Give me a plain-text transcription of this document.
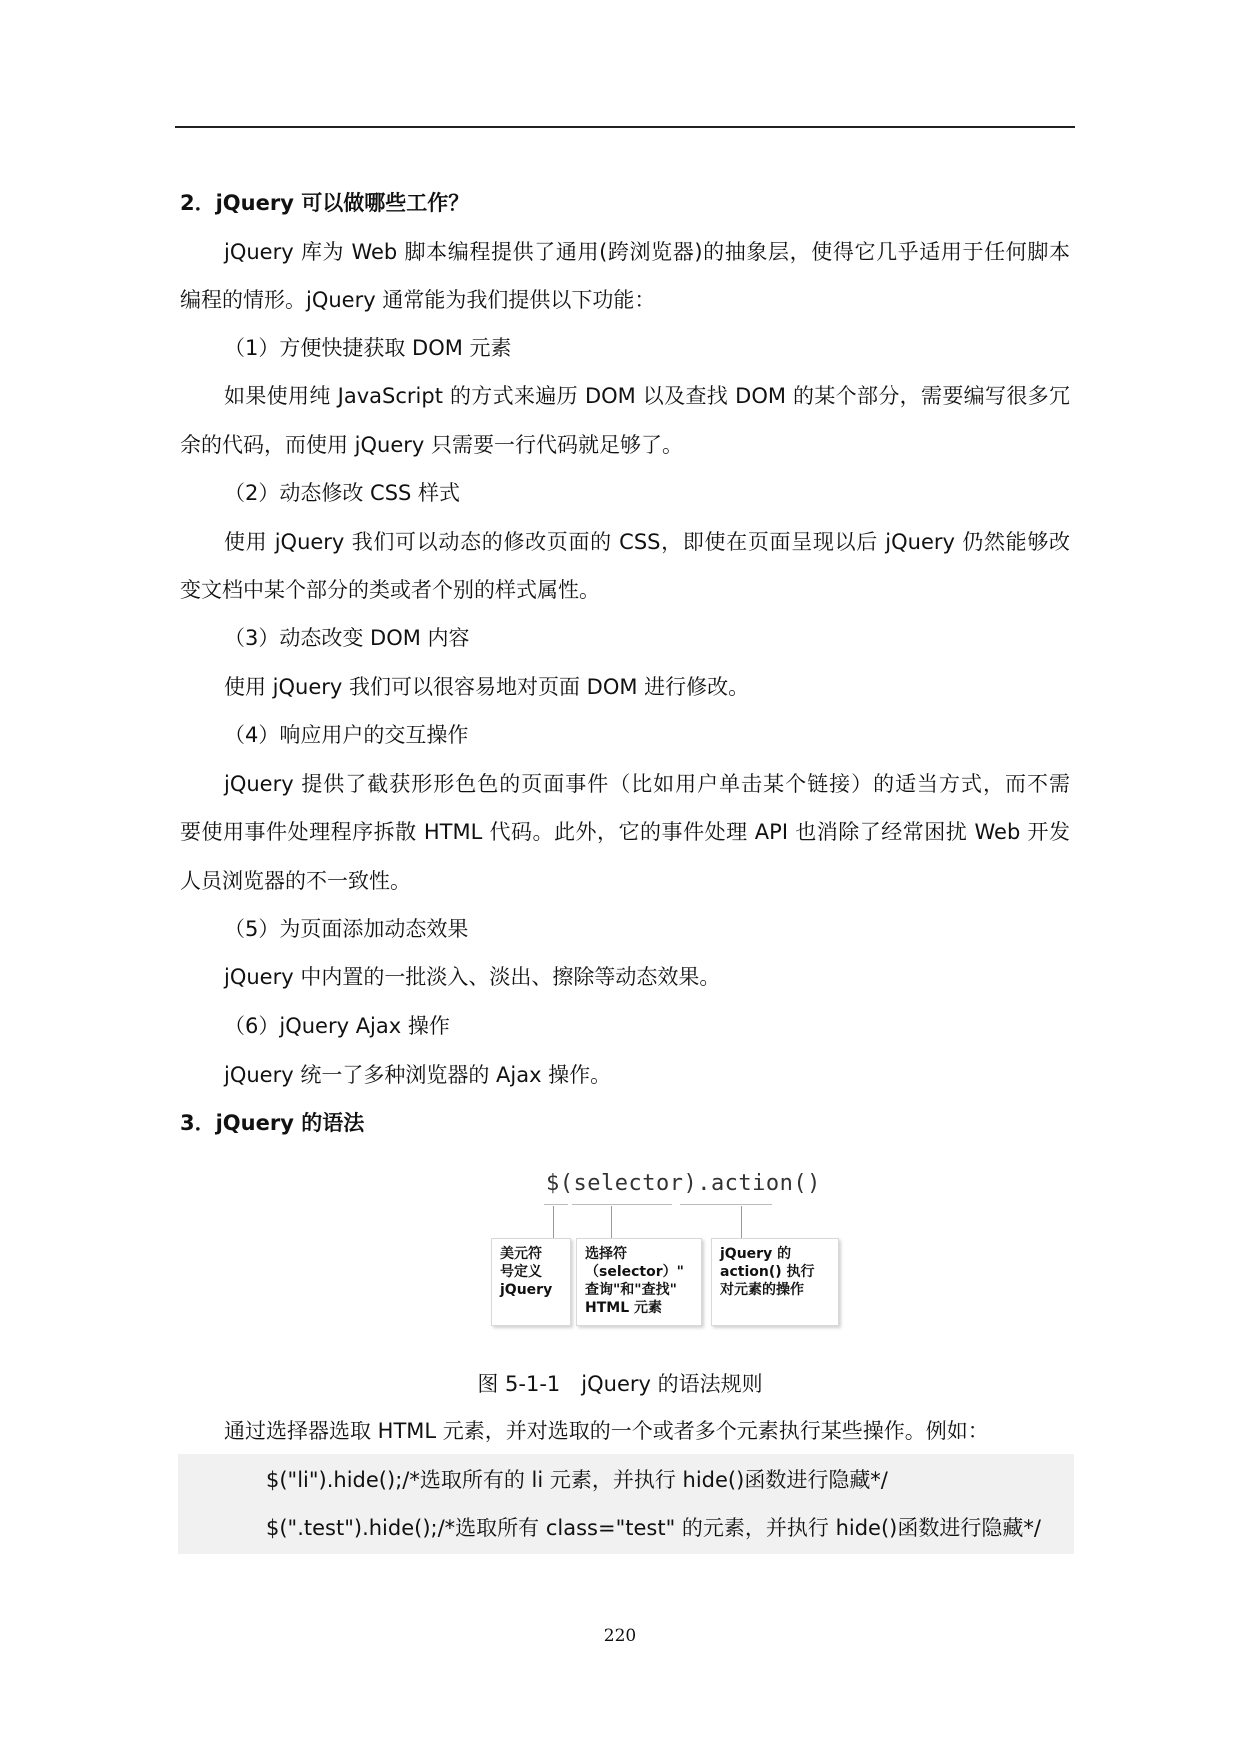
2．jQuery 可以做哪些工作？
jQuery 库为 Web 脚本编程提供了通用(跨浏览器)的抽象层，使得它几乎适用于任何脚本
编程的情形。jQuery 通常能为我们提供以下功能：
（1）方便快捷获取 DOM 元素
如果使用纯 JavaScript 的方式来遍历 DOM 以及查找 DOM 的某个部分，需要编写很多冗
余的代码，而使用 jQuery 只需要一行代码就足够了。
（2）动态修改 CSS 样式
使用 jQuery 我们可以动态的修改页面的 CSS，即使在页面呈现以后 jQuery 仍然能够改
变文档中某个部分的类或者个别的样式属性。
（3）动态改变 DOM 内容
使用 jQuery 我们可以很容易地对页面 DOM 进行修改。
（4）响应用户的交互操作
jQuery 提供了截获形形色色的页面事件（比如用户单击某个链接）的适当方式，而不需
要使用事件处理程序拆散 HTML 代码。此外，它的事件处理 API 也消除了经常困扰 Web 开发
人员浏览器的不一致性。
（5）为页面添加动态效果
jQuery 中内置的一批淡入、淡出、擦除等动态效果。
（6）jQuery Ajax 操作
jQuery 统一了多种浏览器的 Ajax 操作。
3．jQuery 的语法
$(selector).action()
美元符
号定义
jQuery
选择符
（selector）"
查询"和"查找"
HTML 元素
jQuery 的
action() 执行
对元素的操作
图 5-1-1　jQuery 的语法规则
通过选择器选取 HTML 元素，并对选取的一个或者多个元素执行某些操作。例如：
$("li").hide();/*选取所有的 li 元素，并执行 hide()函数进行隐藏*/
$(".test").hide();/*选取所有 class="test" 的元素，并执行 hide()函数进行隐藏*/
220
